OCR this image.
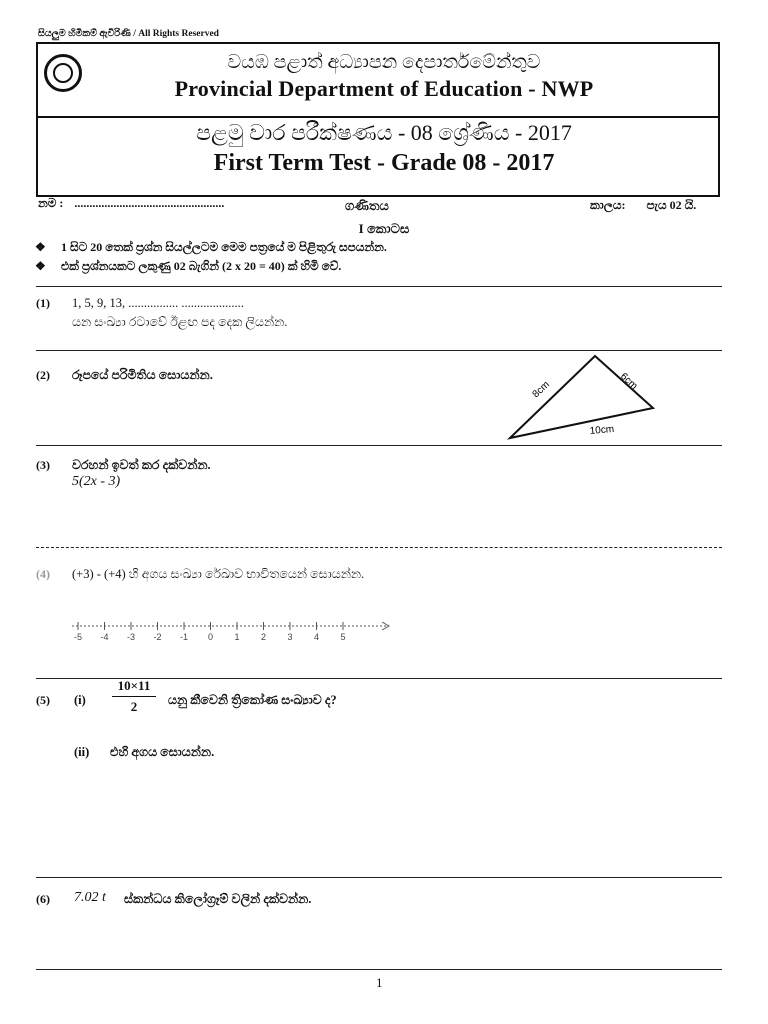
සියලුම හිමිකම් ඇවිරිණි / All Rights Reserved
වයඹ පළාත් අධ්‍යාපන දෙපාර්තමේන්තුව
Provincial Department of Education - NWP
පළමු වාර පරීක්ෂණය - 08 ශ්‍රේණිය - 2017
First Term Test - Grade 08 - 2017
නම : ..................................................	ගණිතය	කාලය: පැය 02 යි.
I කොටස
❖ 1 සිට 20 තෙක් ප්‍රශ්න සියල්ලටම මෙම පත්‍රයේ ම පිළිතුරු සපයන්න.
❖ එක් ප්‍රශ්නයකට ලකුණු 02 බැගින් (2 x 20 = 40) ක් හිමි වේ.
(1) 1, 5, 9, 13, ................ ....................
යන සංඛ්‍යා රටාවේ ඊළඟ පද දෙක ලියන්න.
(2) රූපයේ පරිමිතිය සොයන්න.
8cm	6cm
10cm
(3) වරහන් ඉවත් කර දක්වන්න.
5(2x - 3)
(4) (+3) - (+4) හි අගය සංඛ්‍යා රේඛාව භාවිතයෙන් සොයන්න.
-5 -4 -3 -2 -1 0 1 2 3 4 5
(5) (i)
10×11
2	යනු කීවෙනි ත්‍රිකෝණ සංඛ්‍යාව ද?
(ii) එහි අගය සොයන්න.
(6) 7.02 t ස්කන්ධය කිලෝග්‍රෑම් වලින් දක්වන්න.
1
